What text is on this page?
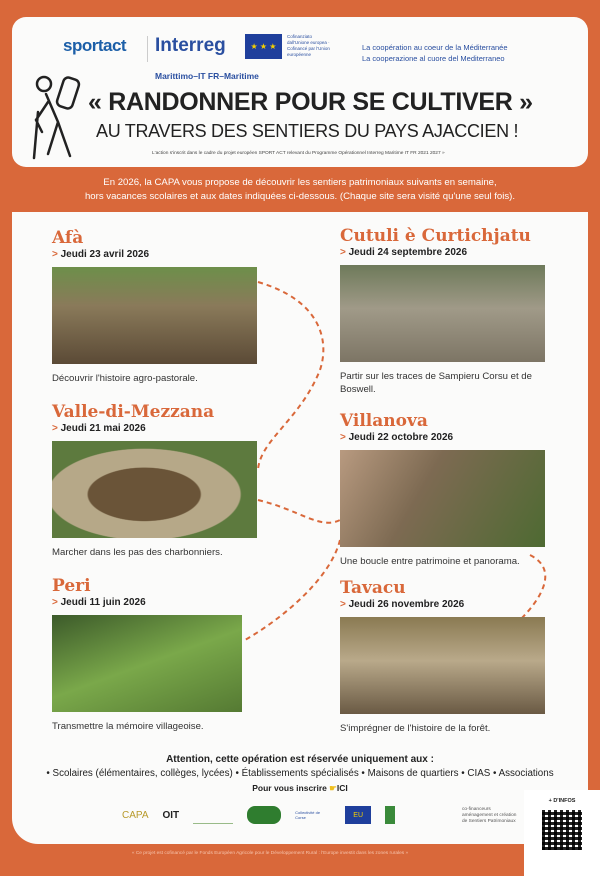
sportact Interreg	★ ★ ★
Cofinanziato dall'Unione europea · Cofinancé par l'Union européenne
La coopération au coeur de la Méditerranée
La cooperazione al cuore del Mediterraneo
Marittimo–IT FR–Maritime
« RANDONNER POUR SE CULTIVER »
AU TRAVERS DES SENTIERS DU PAYS AJACCIEN !
L'action s'inscrit dans le cadre du projet européen SPORT ACT relevant du Programme Opérationnel Interreg Maritime IT FR 2021 2027 »
En 2026, la CAPA vous propose de découvrir les sentiers patrimoniaux suivants en semaine,
hors vacances scolaires et aux dates indiquées ci-dessous. (Chaque site sera visité qu'une seul fois).
Afà
> Jeudi 23 avril 2026
Découvrir l'histoire agro-pastorale.
Valle-di-Mezzana
> Jeudi 21 mai 2026
Marcher dans les pas des charbonniers.
Peri
> Jeudi 11 juin 2026
Transmettre la mémoire villageoise.
Cutuli è Curtichjatu
> Jeudi 24 septembre 2026
Partir sur les traces de Sampieru Corsu et de Boswell.
Villanova
> Jeudi 22 octobre 2026
Une boucle entre patrimoine et panorama.
Tavacu
> Jeudi 26 novembre 2026
S'imprégner de l'histoire de la forêt.
Attention, cette opération est réservée uniquement aux :
• Scolaires (élémentaires, collèges, lycées) • Établissements spécialisés • Maisons de quartiers • CIAS • Associations
Pour vous inscrire ☛ICI
CAPA OIT	Collectivité de Corse	EU
co-financeurs aménagement et création de Sentiers Patrimoniaux
+ D'INFOS
« Ce projet est cofinancé par le Fonds Européen Agricole pour le Développement Rural : l'Europe investit dans les zones rurales »
